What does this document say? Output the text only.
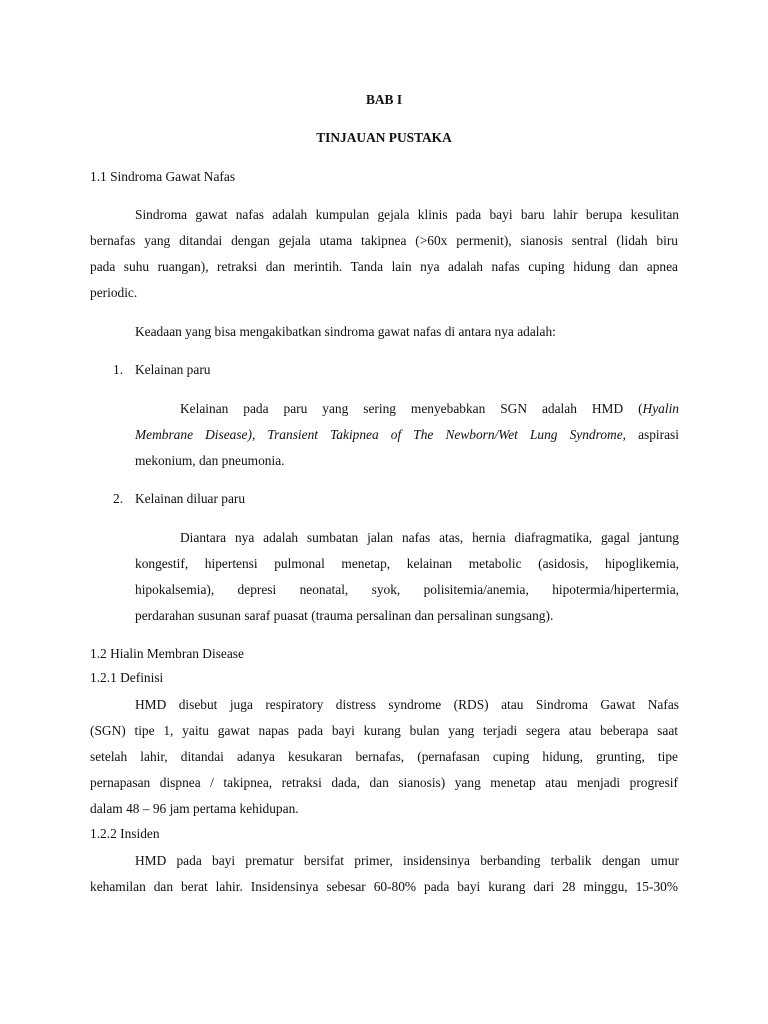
BAB I
TINJAUAN PUSTAKA
1.1 Sindroma Gawat Nafas
Sindroma gawat nafas adalah kumpulan gejala klinis pada bayi baru lahir berupa kesulitan
bernafas yang ditandai dengan gejala utama takipnea (>60x permenit), sianosis sentral (lidah biru
pada suhu ruangan), retraksi dan merintih. Tanda lain nya adalah nafas cuping hidung dan apnea
periodic.
Keadaan yang bisa mengakibatkan sindroma gawat nafas di antara nya adalah:
1. Kelainan paru
Kelainan pada paru yang sering menyebabkan SGN adalah HMD (Hyalin
Membrane Disease), Transient Takipnea of The Newborn/Wet Lung Syndrome, aspirasi
mekonium, dan pneumonia.
2. Kelainan diluar paru
Diantara nya adalah sumbatan jalan nafas atas, hernia diafragmatika, gagal jantung
kongestif, hipertensi pulmonal menetap, kelainan metabolic (asidosis, hipoglikemia,
hipokalsemia), depresi neonatal, syok, polisitemia/anemia, hipotermia/hipertermia,
perdarahan susunan saraf puasat (trauma persalinan dan persalinan sungsang).
1.2 Hialin Membran Disease
1.2.1 Definisi
HMD disebut juga respiratory distress syndrome (RDS) atau Sindroma Gawat Nafas
(SGN) tipe 1, yaitu gawat napas pada bayi kurang bulan yang terjadi segera atau beberapa saat
setelah lahir, ditandai adanya kesukaran bernafas, (pernafasan cuping hidung, grunting, tipe
pernapasan dispnea / takipnea, retraksi dada, dan sianosis) yang menetap atau menjadi progresif
dalam 48 – 96 jam pertama kehidupan.
1.2.2 Insiden
HMD pada bayi prematur bersifat primer, insidensinya berbanding terbalik dengan umur
kehamilan dan berat lahir. Insidensinya sebesar 60-80% pada bayi kurang dari 28 minggu, 15-30%
